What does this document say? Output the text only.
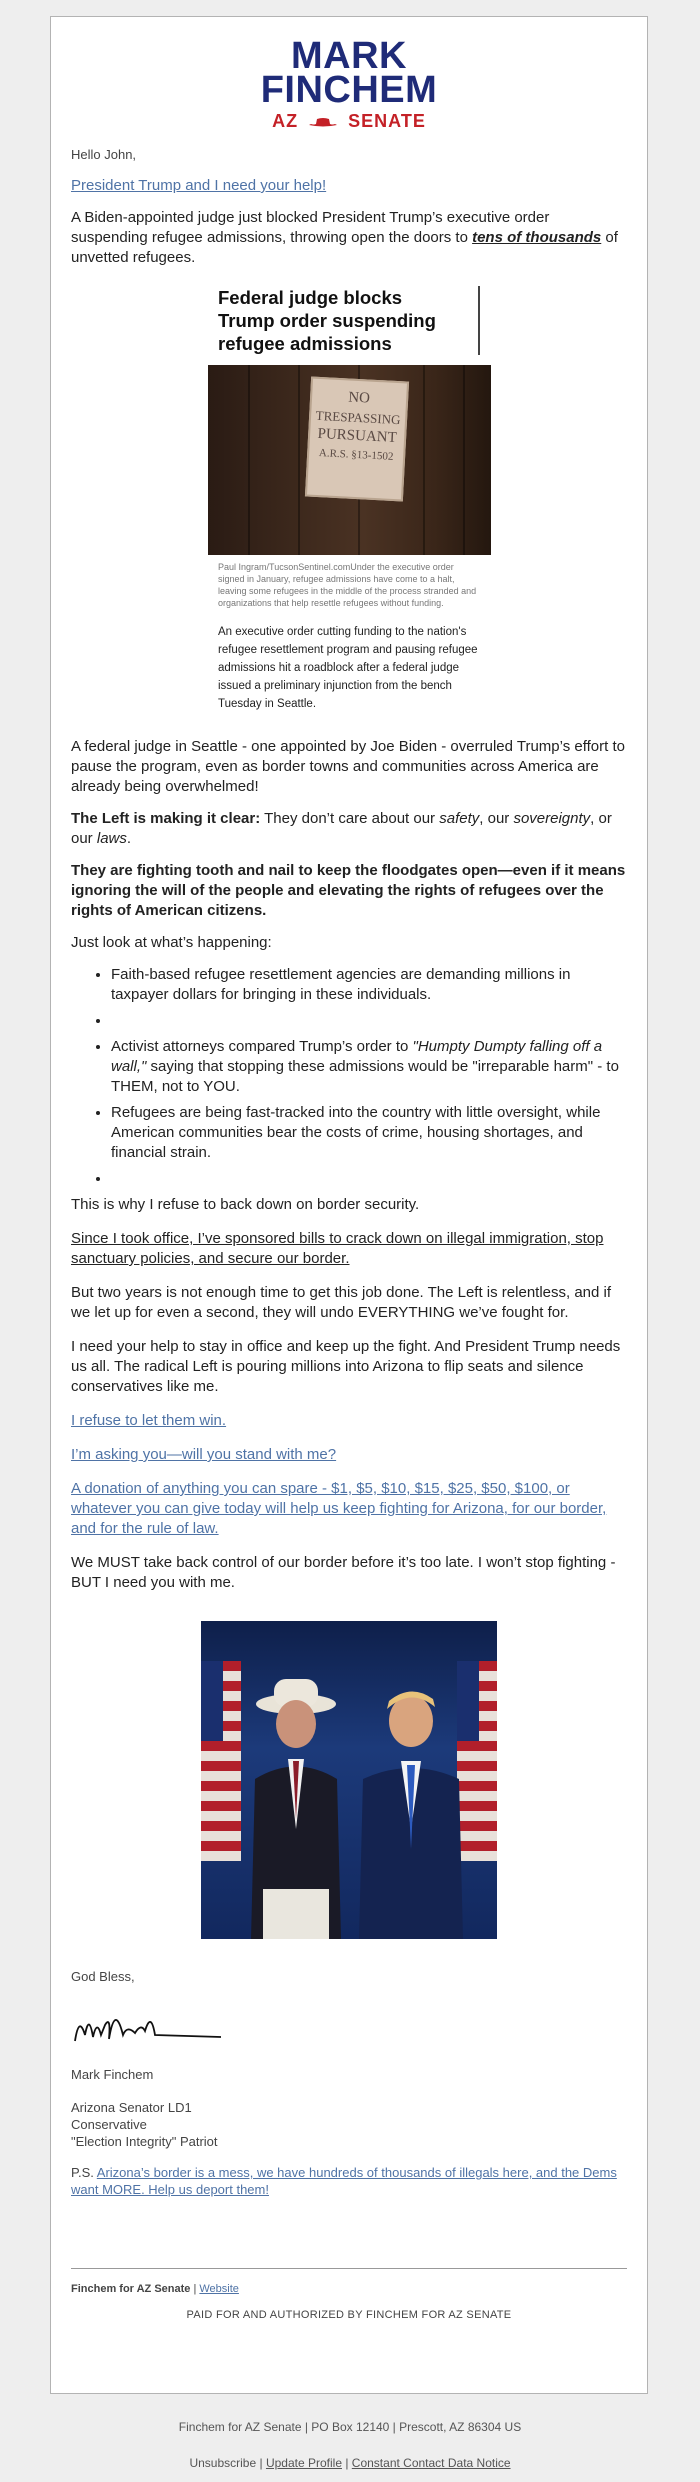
MARK
FINCHEM
AZ	SENATE

Hello John,

President Trump and I need your help!

A Biden-appointed judge just blocked President Trump’s executive order suspending refugee admissions, throwing open the doors to tens of thousands of unvetted refugees.

Federal judge blocks Trump order suspending refugee admissions
NO
TRESPASSING
PURSUANT
A.R.S. §13-1502

Paul Ingram/TucsonSentinel.comUnder the executive order signed in January, refugee admissions have come to a halt, leaving some refugees in the middle of the process stranded and organizations that help resettle refugees without funding.

An executive order cutting funding to the nation's refugee resettlement program and pausing refugee admissions hit a roadblock after a federal judge issued a preliminary injunction from the bench Tuesday in Seattle.

A federal judge in Seattle - one appointed by Joe Biden - overruled Trump’s effort to pause the program, even as border towns and communities across America are already being overwhelmed!

The Left is making it clear: They don’t care about our safety, our sovereignty, or our laws.

They are fighting tooth and nail to keep the floodgates open—even if it means ignoring the will of the people and elevating the rights of refugees over the rights of American citizens.

Just look at what’s happening:

• Faith-based refugee resettlement agencies are demanding millions in taxpayer dollars for bringing in these individuals.
•
• Activist attorneys compared Trump’s order to "Humpty Dumpty falling off a wall," saying that stopping these admissions would be "irreparable harm" - to THEM, not to YOU.
• Refugees are being fast-tracked into the country with little oversight, while American communities bear the costs of crime, housing shortages, and financial strain.
•

This is why I refuse to back down on border security.

Since I took office, I’ve sponsored bills to crack down on illegal immigration, stop sanctuary policies, and secure our border.

But two years is not enough time to get this job done. The Left is relentless, and if we let up for even a second, they will undo EVERYTHING we’ve fought for.

I need your help to stay in office and keep up the fight. And President Trump needs us all. The radical Left is pouring millions into Arizona to flip seats and silence conservatives like me.

I refuse to let them win.

I’m asking you—will you stand with me?

A donation of anything you can spare - $1, $5, $10, $15, $25, $50, $100, or whatever you can give today will help us keep fighting for Arizona, for our border, and for the rule of law.

We MUST take back control of our border before it’s too late. I won’t stop fighting - BUT I need you with me.

God Bless,

Mark Finchem

Arizona Senator LD1
Conservative
"Election Integrity" Patriot

P.S. Arizona’s border is a mess, we have hundreds of thousands of illegals here, and the Dems want MORE. Help us deport them!

Finchem for AZ Senate | Website

PAID FOR AND AUTHORIZED BY FINCHEM FOR AZ SENATE

Finchem for AZ Senate | PO Box 12140 | Prescott, AZ 86304 US
Unsubscribe | Update Profile | Constant Contact Data Notice
